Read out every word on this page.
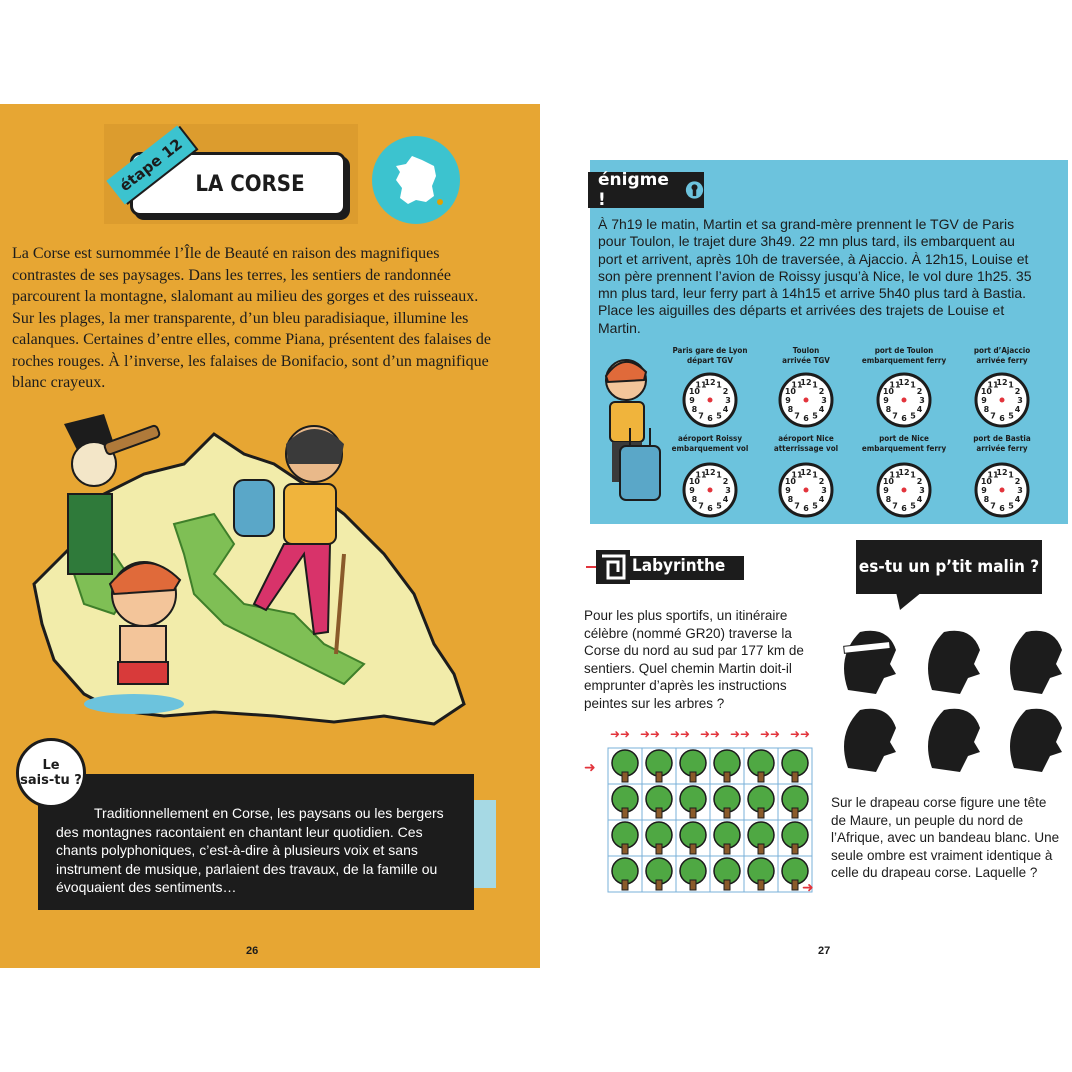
LA CORSE
étape 12
La Corse est surnommée l’Île de Beauté en raison des magnifiques contrastes de ses paysages. Dans les terres, les sentiers de randonnée parcourent la montagne, slalomant au milieu des gorges et des ruisseaux. Sur les plages, la mer transparente, d’un bleu paradisiaque, illumine les calanques. Certaines d’entre elles, comme Piana, présentent des falaises de roches rouges. À l’inverse, les falaises de Bonifacio, sont d’un magnifique blanc crayeux.
Traditionnellement en Corse, les paysans ou les bergers des montagnes racontaient en chantant leur quotidien. Ces chants polyphoniques, c’est-à-dire à plusieurs voix et sans instrument de musique, parlaient des travaux, de la famille ou évoquaient des sentiments…
Le
sais-tu ?
26
énigme !
À 7h19 le matin, Martin et sa grand-mère prennent le TGV de Paris pour Toulon, le trajet dure 3h49. 22 mn plus tard, ils embarquent au port et arrivent, après 10h de traversée, à Ajaccio. À 12h15, Louise et son père prennent l’avion de Roissy jusqu’à Nice, le vol dure 1h25. 35 mn plus tard, leur ferry part à 14h15 et arrive 5h40 plus tard à Bastia. Place les aiguilles des départs et arrivées des trajets de Louise et Martin.
Paris gare de Lyon
départ TGV
1
2
3
4
5
6
7
8
9
10
11
12
Toulon
arrivée TGV
1
2
3
4
5
6
7
8
9
10
11
12
port de Toulon
embarquement ferry
1
2
3
4
5
6
7
8
9
10
11
12
port d’Ajaccio
arrivée ferry
1
2
3
4
5
6
7
8
9
10
11
12
aéroport Roissy
embarquement vol
1
2
3
4
5
6
7
8
9
10
11
12
aéroport Nice
atterrissage vol
1
2
3
4
5
6
7
8
9
10
11
12
port de Nice
embarquement ferry
1
2
3
4
5
6
7
8
9
10
11
12
port de Bastia
arrivée ferry
1
2
3
4
5
6
7
8
9
10
11
12
Labyrinthe
Pour les plus sportifs, un itinéraire célèbre (nommé GR20) traverse la Corse du nord au sud par 177 km de sentiers. Quel chemin Martin doit-il emprunter d’après les instructions peintes sur les arbres ?
➜➜ ➜➜ ➜➜ ➜➜ ➜➜ ➜➜ ➜➜
➜
➜
es-tu un p’tit malin ?
Sur le drapeau corse figure une tête de Maure, un peuple du nord de l’Afrique, avec un bandeau blanc. Une seule ombre est vraiment identique à celle du drapeau corse. Laquelle ?
27
